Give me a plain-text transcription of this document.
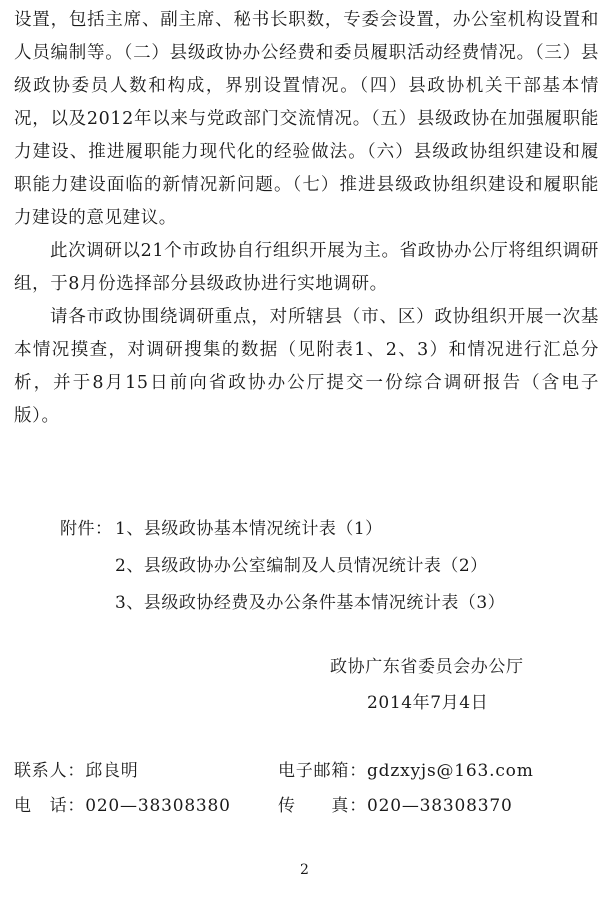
设置，包括主席、副主席、秘书长职数，专委会设置，办公室机构设置和人员编制等。（二）县级政协办公经费和委员履职活动经费情况。（三）县级政协委员人数和构成，界别设置情况。（四）县政协机关干部基本情况，以及2012年以来与党政部门交流情况。（五）县级政协在加强履职能力建设、推进履职能力现代化的经验做法。（六）县级政协组织建设和履职能力建设面临的新情况新问题。（七）推进县级政协组织建设和履职能力建设的意见建议。

此次调研以21个市政协自行组织开展为主。省政协办公厅将组织调研组，于8月份选择部分县级政协进行实地调研。

请各市政协围绕调研重点，对所辖县（市、区）政协组织开展一次基本情况摸查，对调研搜集的数据（见附表1、2、3）和情况进行汇总分析，并于8月15日前向省政协办公厅提交一份综合调研报告（含电子版）。

附件： 1、县级政协基本情况统计表（1）
2、县级政协办公室编制及人员情况统计表（2）
3、县级政协经费及办公条件基本情况统计表（3）
政协广东省委员会办公厅
2014年7月4日
联系人：邱良明	电子邮箱：gdzxyjs@163.com
电　话：020—38308380	传　　真：020—38308370
2
